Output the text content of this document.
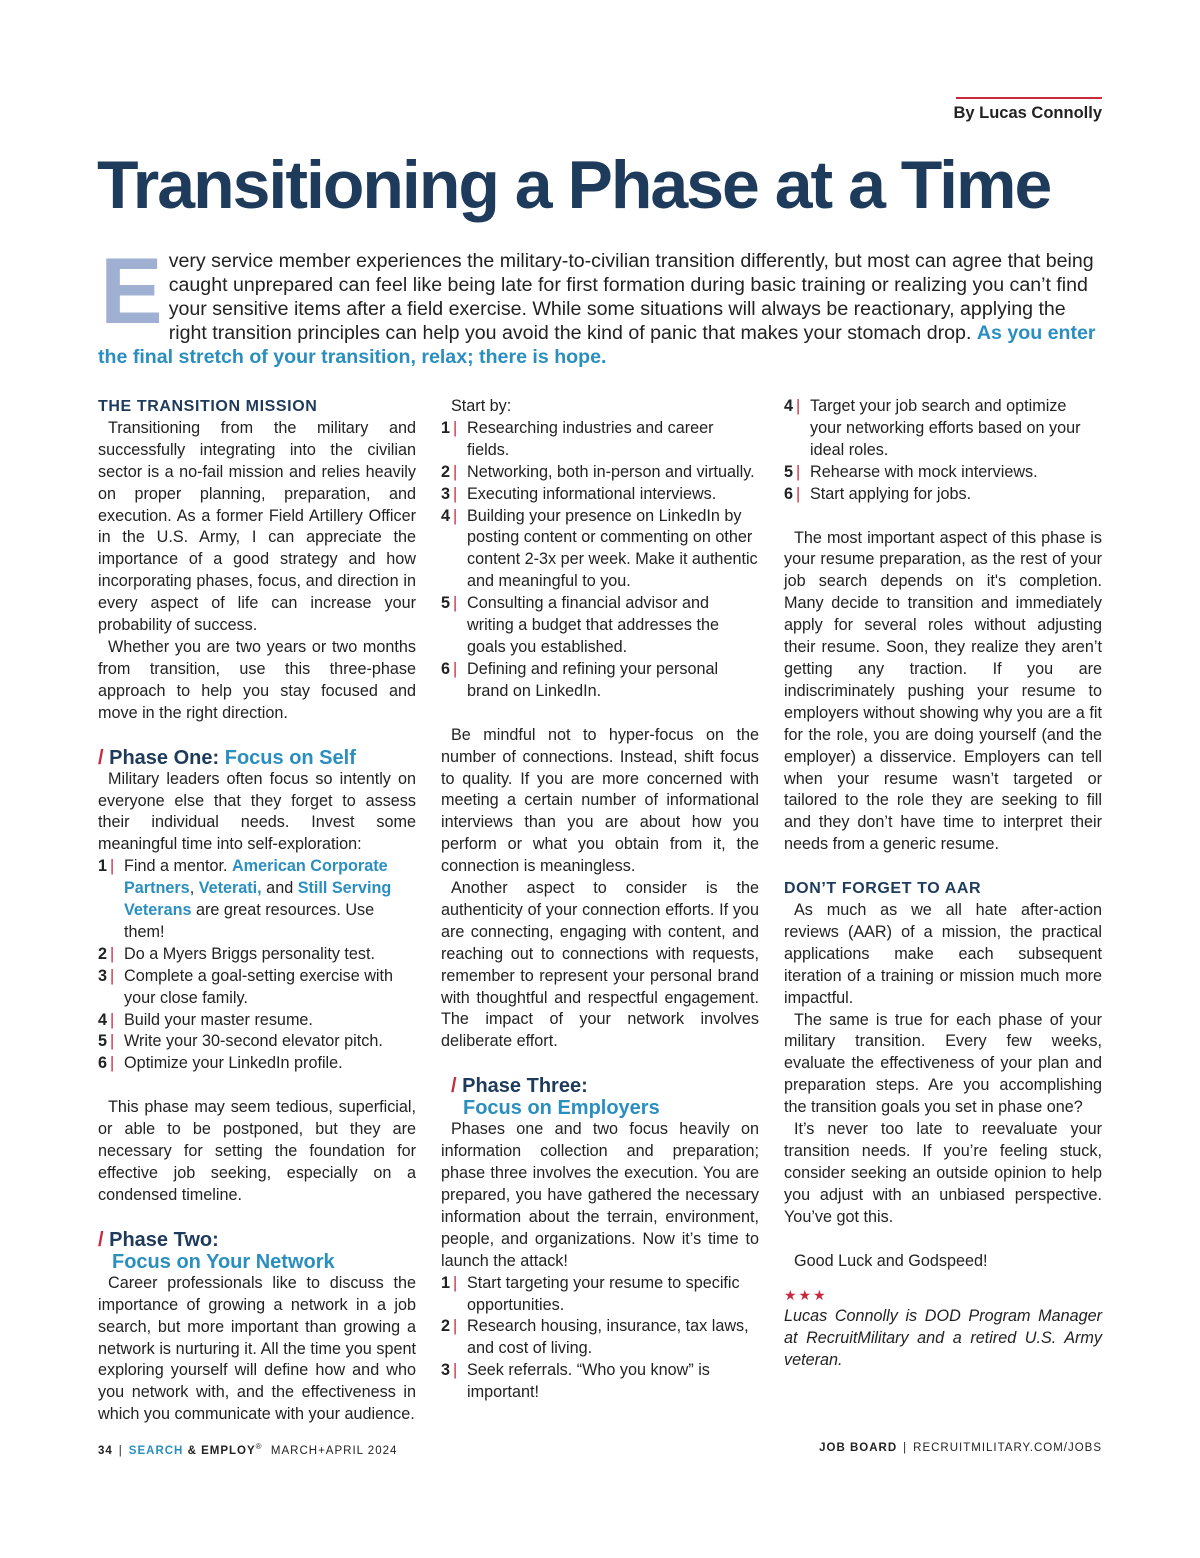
By Lucas Connolly
Transitioning a Phase at a Time
Every service member experiences the military-to-civilian transition differently, but most can agree that being caught unprepared can feel like being late for first formation during basic training or realizing you can’t find your sensitive items after a field exercise. While some situations will always be reactionary, applying the right transition principles can help you avoid the kind of panic that makes your stomach drop. As you enter the final stretch of your transition, relax; there is hope.
THE TRANSITION MISSION

Transitioning from the military and successfully integrating into the civilian sector is a no-fail mission and relies heavily on proper planning, preparation, and execution. As a former Field Artillery Officer in the U.S. Army, I can appreciate the importance of a good strategy and how incorporating phases, focus, and direction in every aspect of life can increase your probability of success.

Whether you are two years or two months from transition, use this three-phase approach to help you stay focused and move in the right direction.

/ Phase One: Focus on Self

Military leaders often focus so intently on everyone else that they forget to assess their individual needs. Invest some meaningful time into self-exploration:

1 | Find a mentor. American Corporate Partners, Veterati, and Still Serving Veterans are great resources. Use them!
2 | Do a Myers Briggs personality test.
3 | Complete a goal-setting exercise with your close family.
4 | Build your master resume.
5 | Write your 30-second elevator pitch.
6 | Optimize your LinkedIn profile.

This phase may seem tedious, superficial, or able to be postponed, but they are necessary for setting the foundation for effective job seeking, especially on a condensed timeline.

/ Phase Two:
Focus on Your Network

Career professionals like to discuss the importance of growing a network in a job search, but more important than growing a network is nurturing it. All the time you spent exploring yourself will define how and who you network with, and the effectiveness in which you communicate with your audience.

Start by:

1 | Researching industries and career fields.
2 | Networking, both in-person and virtually.
3 | Executing informational interviews.
4 | Building your presence on LinkedIn by posting content or commenting on other content 2-3x per week. Make it authentic and meaningful to you.
5 | Consulting a financial advisor and writing a budget that addresses the goals you established.
6 | Defining and refining your personal brand on LinkedIn.

Be mindful not to hyper-focus on the number of connections. Instead, shift focus to quality. If you are more concerned with meeting a certain number of informational interviews than you are about how you perform or what you obtain from it, the connection is meaningless.

Another aspect to consider is the authenticity of your connection efforts. If you are connecting, engaging with content, and reaching out to connections with requests, remember to represent your personal brand with thoughtful and respectful engagement. The impact of your network involves deliberate effort.

/ Phase Three:
Focus on Employers

Phases one and two focus heavily on information collection and preparation; phase three involves the execution. You are prepared, you have gathered the necessary information about the terrain, environment, people, and organizations. Now it’s time to launch the attack!

1 | Start targeting your resume to specific opportunities.
2 | Research housing, insurance, tax laws, and cost of living.
3 | Seek referrals. “Who you know” is important!
4 | Target your job search and optimize your networking efforts based on your ideal roles.
5 | Rehearse with mock interviews.
6 | Start applying for jobs.

The most important aspect of this phase is your resume preparation, as the rest of your job search depends on it's completion. Many decide to transition and immediately apply for several roles without adjusting their resume. Soon, they realize they aren’t getting any traction. If you are indiscriminately pushing your resume to employers without showing why you are a fit for the role, you are doing yourself (and the employer) a disservice. Employers can tell when your resume wasn’t targeted or tailored to the role they are seeking to fill and they don’t have time to interpret their needs from a generic resume.

DON’T FORGET TO AAR

As much as we all hate after-action reviews (AAR) of a mission, the practical applications make each subsequent iteration of a training or mission much more impactful.

The same is true for each phase of your military transition. Every few weeks, evaluate the effectiveness of your plan and preparation steps. Are you accomplishing the transition goals you set in phase one?

It’s never too late to reevaluate your transition needs. If you’re feeling stuck, consider seeking an outside opinion to help you adjust with an unbiased perspective. You’ve got this.

Good Luck and Godspeed!

★★★

Lucas Connolly is DOD Program Manager at RecruitMilitary and a retired U.S. Army veteran.

34 | SEARCH & EMPLOY® MARCH+APRIL 2024	JOB BOARD | RECRUITMILITARY.COM/JOBS
